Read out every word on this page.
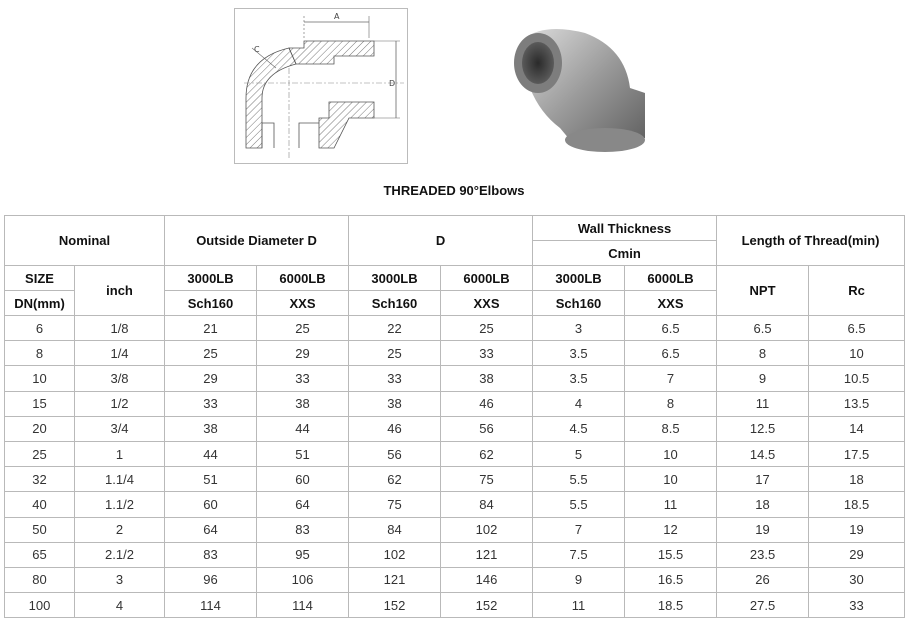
A
D
C
THREADED 90°Elbows
Nominal		Outside Diameter D		D		Wall Thickness		Length of Thread(min)	
						Cmin			
SIZE	inch	3000LB	6000LB	3000LB	6000LB	3000LB	6000LB	NPT	Rc
DN(mm)		Sch160	XXS	Sch160	XXS	Sch160	XXS		
6	1/8	21	25	22	25	3	6.5	6.5	6.5
8	1/4	25	29	25	33	3.5	6.5	8	10
10	3/8	29	33	33	38	3.5	7	9	10.5
15	1/2	33	38	38	46	4	8	11	13.5
20	3/4	38	44	46	56	4.5	8.5	12.5	14
25	1	44	51	56	62	5	10	14.5	17.5
32	1.1/4	51	60	62	75	5.5	10	17	18
40	1.1/2	60	64	75	84	5.5	11	18	18.5
50	2	64	83	84	102	7	12	19	19
65	2.1/2	83	95	102	121	7.5	15.5	23.5	29
80	3	96	106	121	146	9	16.5	26	30
100	4	114	114	152	152	11	18.5	27.5	33
